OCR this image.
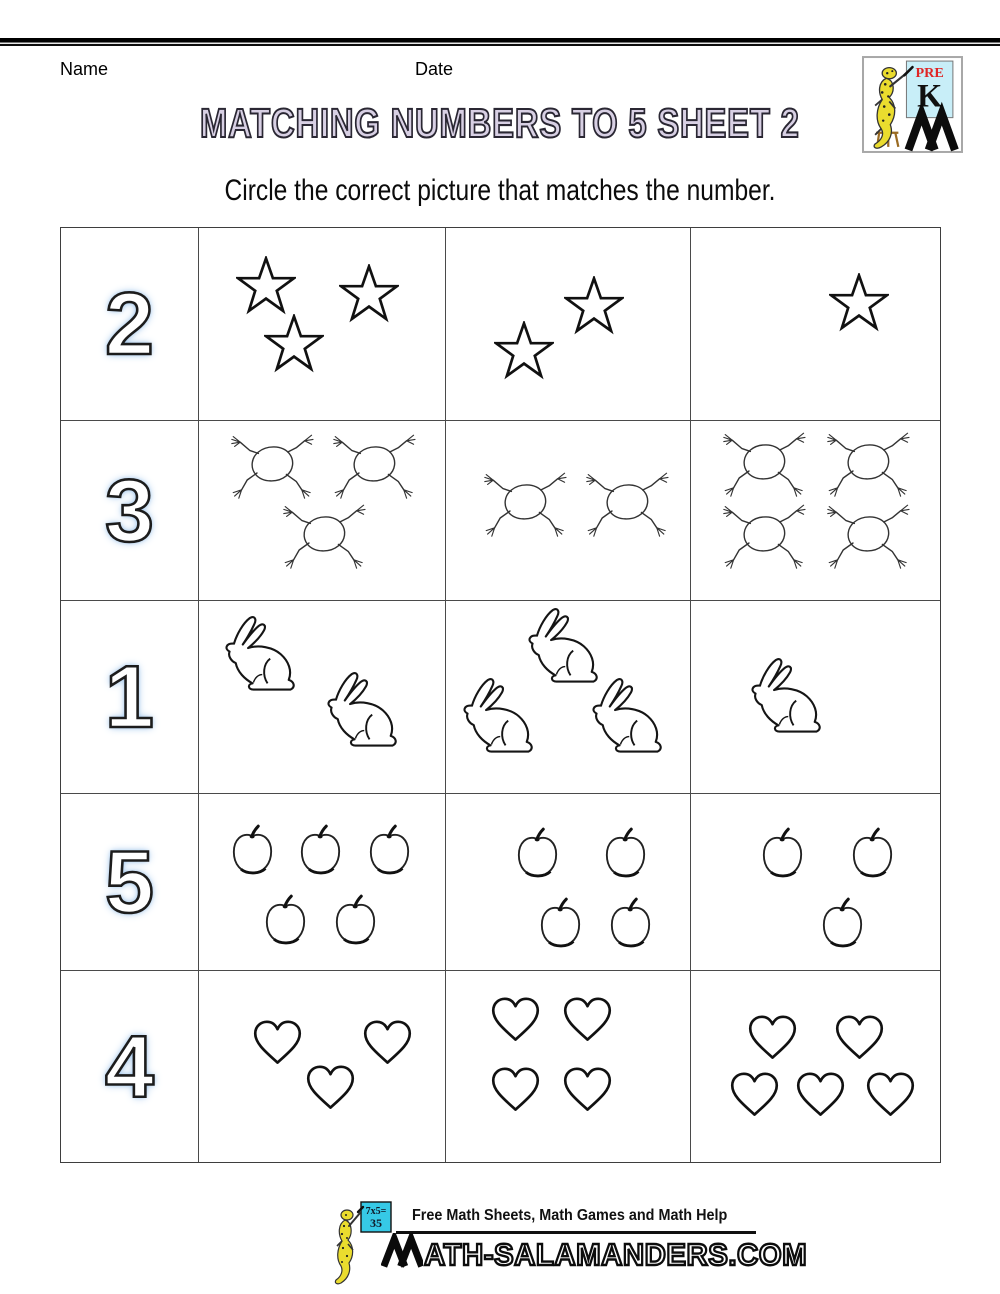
Name	Date	PRE
K
MATCHING NUMBERS TO 5 SHEET 2
Circle the correct picture that matches the number.
2
3
1
5
4
7x5=
35 Free Math Sheets, Math Games and Math Help
ATH-SALAMANDERS.COM
